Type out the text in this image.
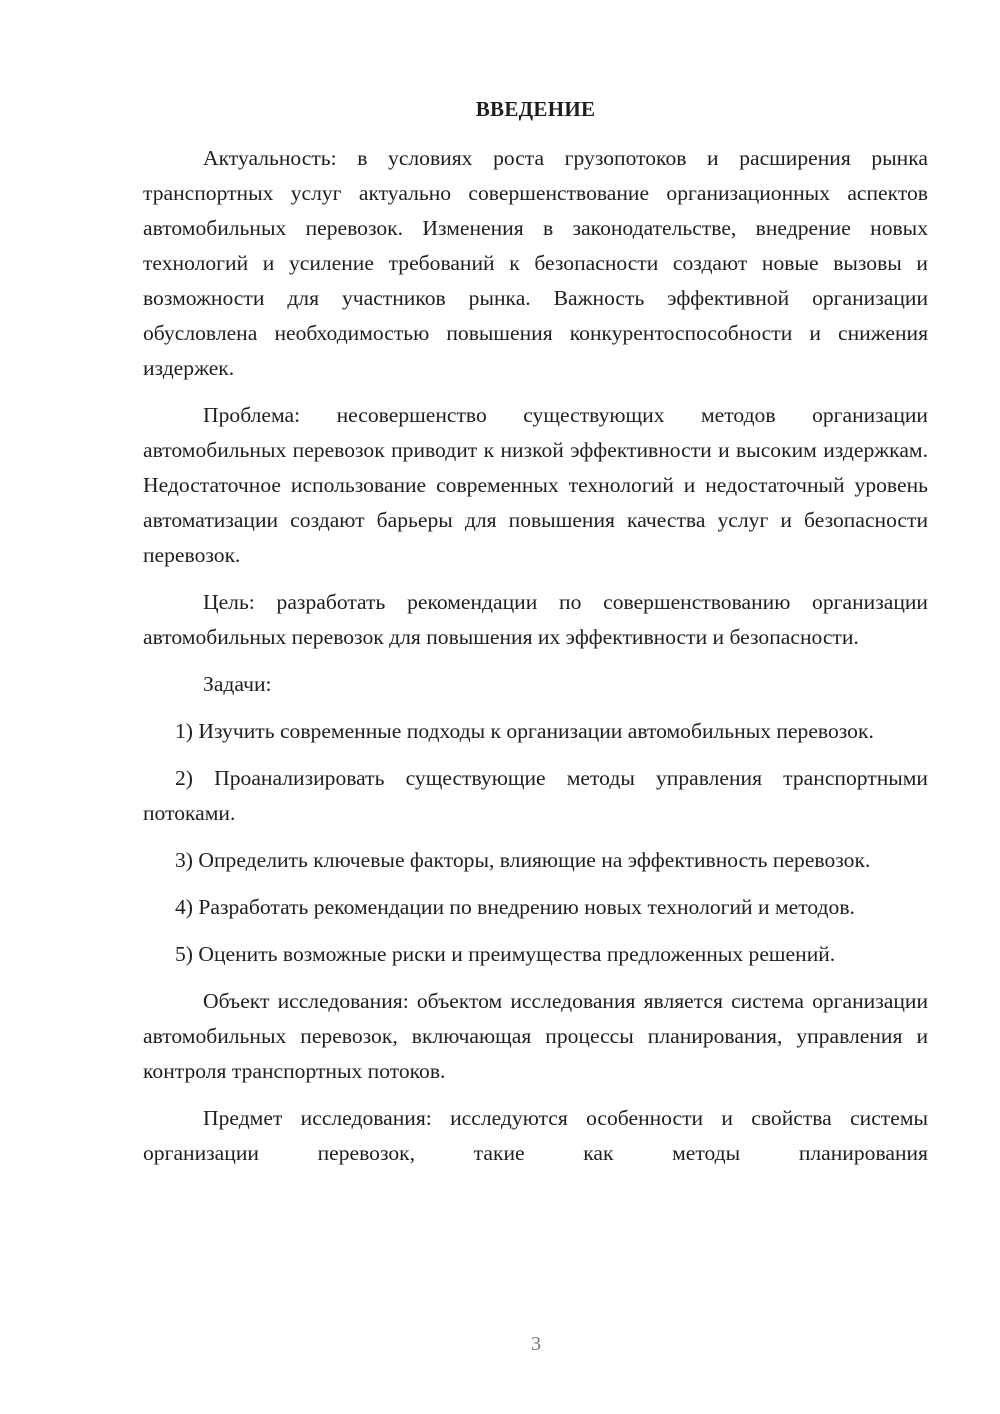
ВВЕДЕНИЕ

Актуальность: в условиях роста грузопотоков и расширения рынка транспортных услуг актуально совершенствование организационных аспектов автомобильных перевозок. Изменения в законодательстве, внедрение новых технологий и усиление требований к безопасности создают новые вызовы и возможности для участников рынка. Важность эффективной организации обусловлена необходимостью повышения конкурентоспособности и снижения издержек.

Проблема: несовершенство существующих методов организации автомобильных перевозок приводит к низкой эффективности и высоким издержкам. Недостаточное использование современных технологий и недостаточный уровень автоматизации создают барьеры для повышения качества услуг и безопасности перевозок.

Цель: разработать рекомендации по совершенствованию организации автомобильных перевозок для повышения их эффективности и безопасности.

Задачи:

1) Изучить современные подходы к организации автомобильных перевозок.

2) Проанализировать существующие методы управления транспортными потоками.

3) Определить ключевые факторы, влияющие на эффективность перевозок.

4) Разработать рекомендации по внедрению новых технологий и методов.

5) Оценить возможные риски и преимущества предложенных решений.

Объект исследования: объектом исследования является система организации автомобильных перевозок, включающая процессы планирования, управления и контроля транспортных потоков.

Предмет исследования: исследуются особенности и свойства системы организации перевозок, такие как методы планирования

3
